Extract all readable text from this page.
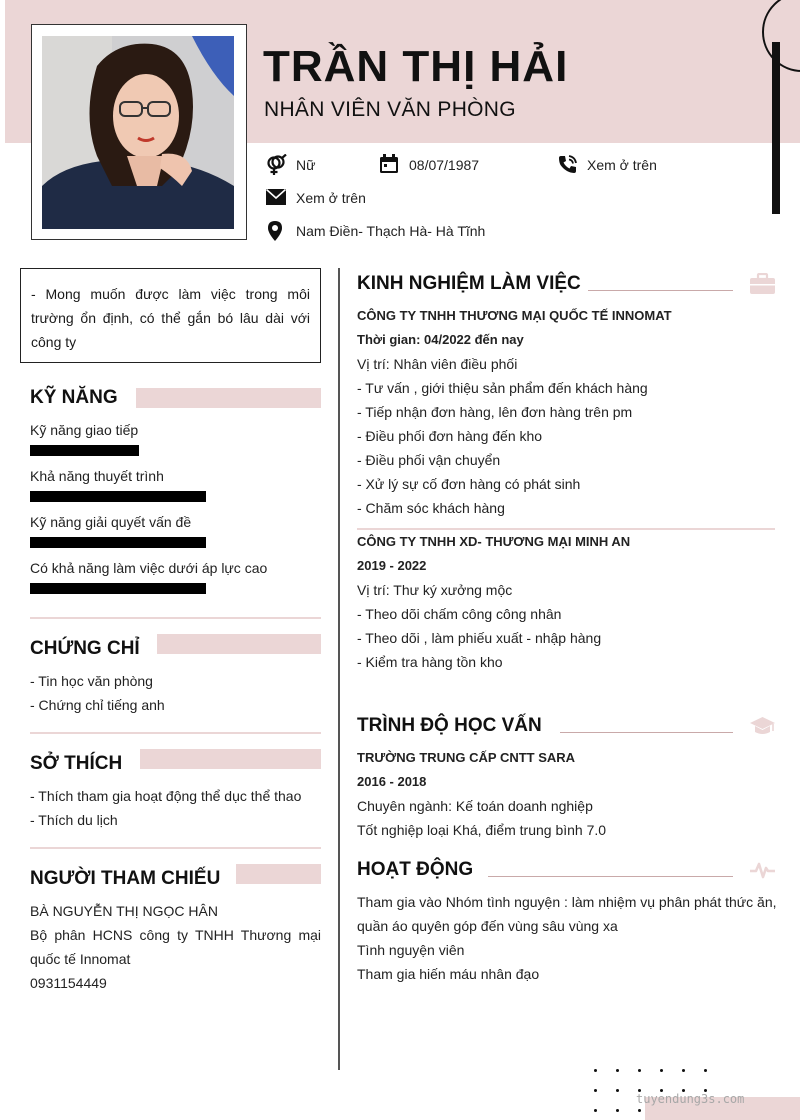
TRẦN THỊ HẢI
NHÂN VIÊN VĂN PHÒNG
Nữ	08/07/1987	Xem ở trên
Xem ở trên
Nam Điền- Thạch Hà- Hà Tĩnh
- Mong muốn được làm việc trong môi trường ổn định, có thể gắn bó lâu dài với công ty
KỸ NĂNG
Kỹ năng giao tiếp
Khả năng thuyết trình
Kỹ năng giải quyết vấn đề
Có khả năng làm việc dưới áp lực cao
CHỨNG CHỈ
- Tin học văn phòng
- Chứng chỉ tiếng anh
SỞ THÍCH
- Thích tham gia hoạt động thể dục thể thao
- Thích du lịch
NGƯỜI THAM CHIẾU
BÀ NGUYỄN THỊ NGỌC HÂN
Bộ phân HCNS công ty TNHH Thương mại
quốc tế Innomat
0931154449
KINH NGHIỆM LÀM VIỆC
CÔNG TY TNHH THƯƠNG MẠI QUỐC TẾ INNOMAT
Thời gian: 04/2022 đến nay
Vị trí: Nhân viên điều phối
- Tư vấn , giới thiệu sản phẩm đến khách hàng
- Tiếp nhận đơn hàng, lên đơn hàng trên pm
- Điều phối đơn hàng đến kho
- Điều phối vận chuyển
- Xử lý sự cố đơn hàng có phát sinh
- Chăm sóc khách hàng
CÔNG TY TNHH XD- THƯƠNG MẠI MINH AN
2019 - 2022
Vị trí: Thư ký xưởng mộc
- Theo dõi chấm công công nhân
- Theo dõi , làm phiếu xuất - nhập hàng
- Kiểm tra hàng tồn kho
TRÌNH ĐỘ HỌC VẤN
TRƯỜNG TRUNG CẤP CNTT SARA
2016 - 2018
Chuyên ngành: Kế toán doanh nghiệp
Tốt nghiệp loại Khá, điểm trung bình 7.0
HOẠT ĐỘNG
Tham gia vào Nhóm tình nguyện : làm nhiệm vụ phân phát thức ăn,
quần áo quyên góp đến vùng sâu vùng xa
Tình nguyện viên
Tham gia hiến máu nhân đạo
tuyendung3s.com
